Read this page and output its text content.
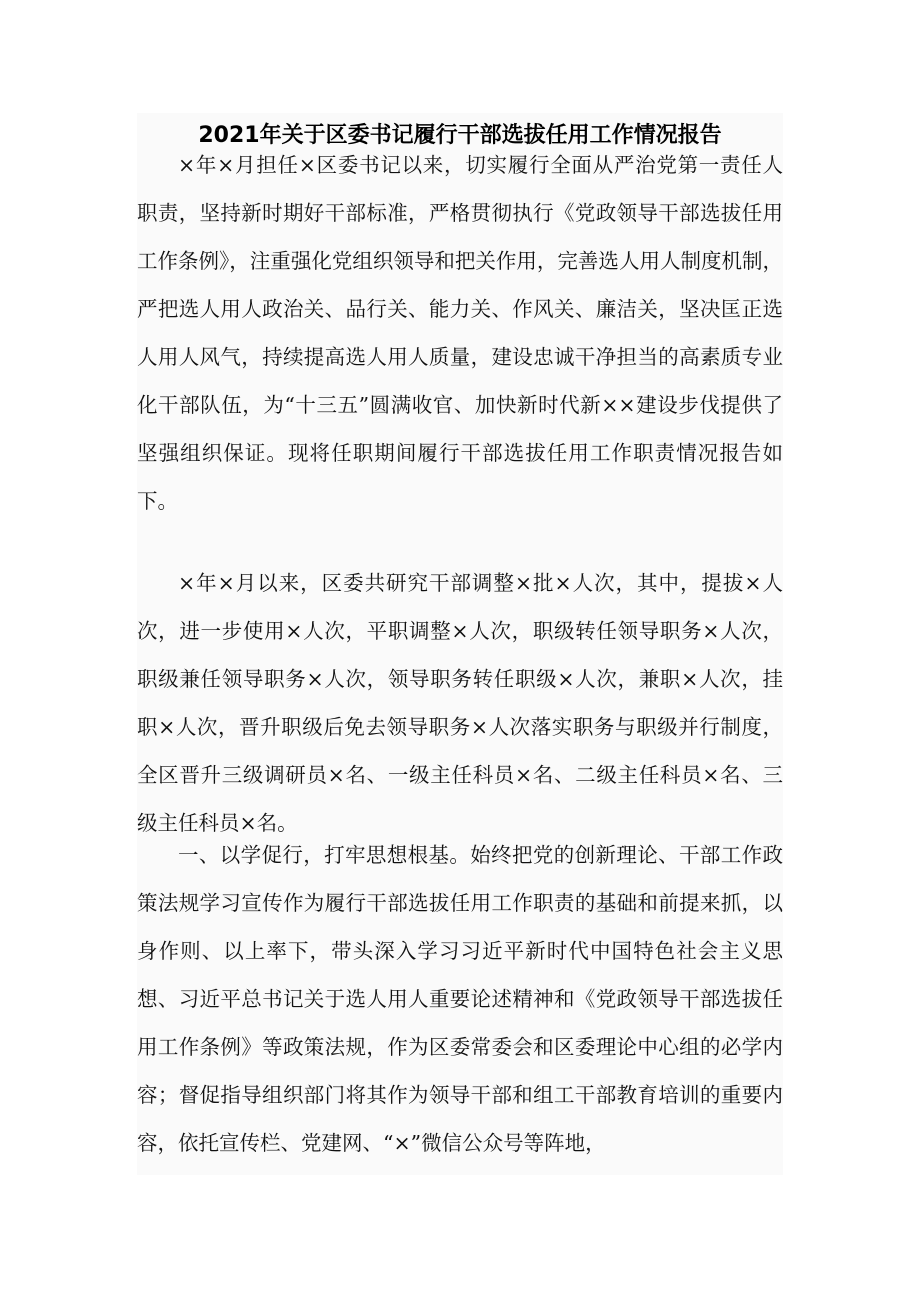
2021年关于区委书记履行干部选拔任用工作情况报告

×年×月担任×区委书记以来，切实履行全面从严治党第一责任人职责，坚持新时期好干部标准，严格贯彻执行《党政领导干部选拔任用工作条例》，注重强化党组织领导和把关作用，完善选人用人制度机制，严把选人用人政治关、品行关、能力关、作风关、廉洁关，坚决匡正选人用人风气，持续提高选人用人质量，建设忠诚干净担当的高素质专业化干部队伍，为“十三五”圆满收官、加快新时代新××建设步伐提供了坚强组织保证。现将任职期间履行干部选拔任用工作职责情况报告如下。

×年×月以来，区委共研究干部调整×批×人次，其中，提拔×人次，进一步使用×人次，平职调整×人次，职级转任领导职务×人次，职级兼任领导职务×人次，领导职务转任职级×人次，兼职×人次，挂职×人次，晋升职级后免去领导职务×人次落实职务与职级并行制度，全区晋升三级调研员×名、一级主任科员×名、二级主任科员×名、三级主任科员×名。

一、以学促行，打牢思想根基。始终把党的创新理论、干部工作政策法规学习宣传作为履行干部选拔任用工作职责的基础和前提来抓，以身作则、以上率下，带头深入学习习近平新时代中国特色社会主义思想、习近平总书记关于选人用人重要论述精神和《党政领导干部选拔任用工作条例》等政策法规，作为区委常委会和区委理论中心组的必学内容；督促指导组织部门将其作为领导干部和组工干部教育培训的重要内容，依托宣传栏、党建网、“×”微信公众号等阵地，
